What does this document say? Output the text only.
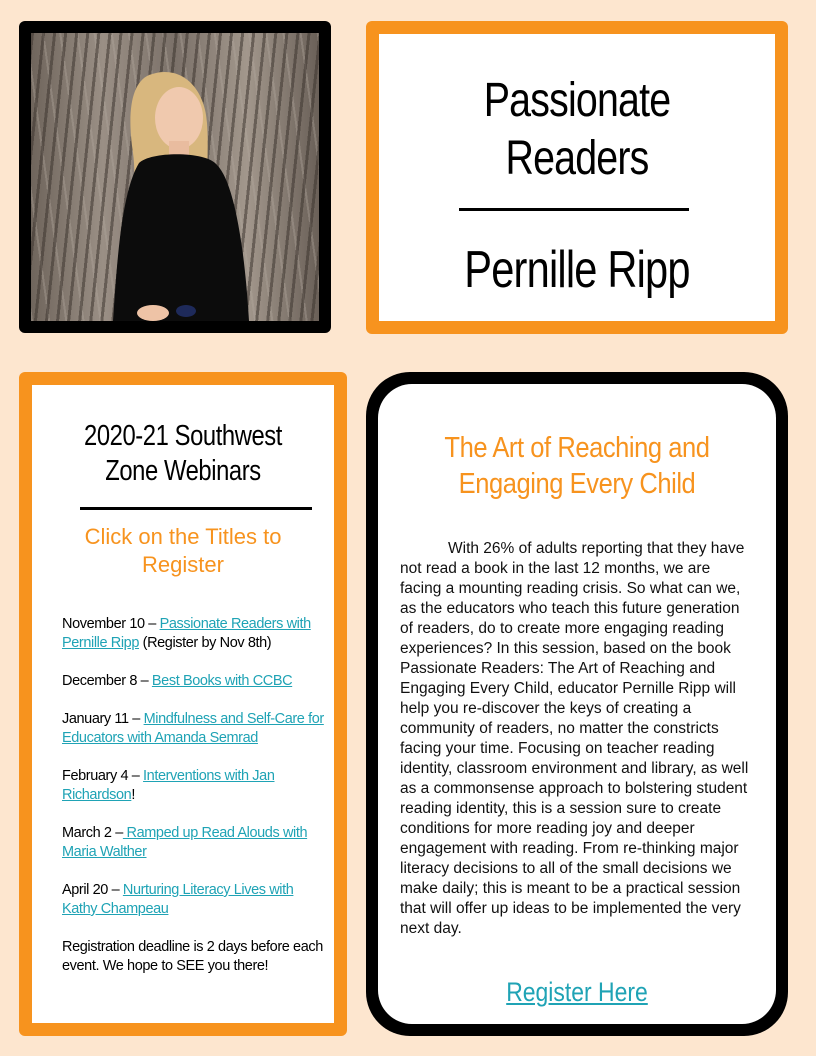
Passionate Readers
Pernille Ripp
2020-21 Southwest Zone Webinars
Click on the Titles to Register
November 10 – Passionate Readers with Pernille Ripp (Register by Nov 8th)
December 8 – Best Books with CCBC
January 11 – Mindfulness and Self-Care for Educators with Amanda Semrad
February 4 – Interventions with Jan Richardson!
March 2 – Ramped up Read Alouds with Maria Walther
April 20 – Nurturing Literacy Lives with Kathy Champeau
Registration deadline is 2 days before each event. We hope to SEE you there!
The Art of Reaching and Engaging Every Child

With 26% of adults reporting that they have not read a book in the last 12 months, we are facing a mounting reading crisis. So what can we, as the educators who teach this future generation of readers, do to create more engaging reading experiences? In this session, based on the book Passionate Readers: The Art of Reaching and Engaging Every Child, educator Pernille Ripp will help you re-discover the keys of creating a community of readers, no matter the constricts facing your time. Focusing on teacher reading identity, classroom environment and library, as well as a commonsense approach to bolstering student reading identity, this is a session sure to create conditions for more reading joy and deeper engagement with reading. From re-thinking major literacy decisions to all of the small decisions we make daily; this is meant to be a practical session that will offer up ideas to be implemented the very next day.

Register Here
